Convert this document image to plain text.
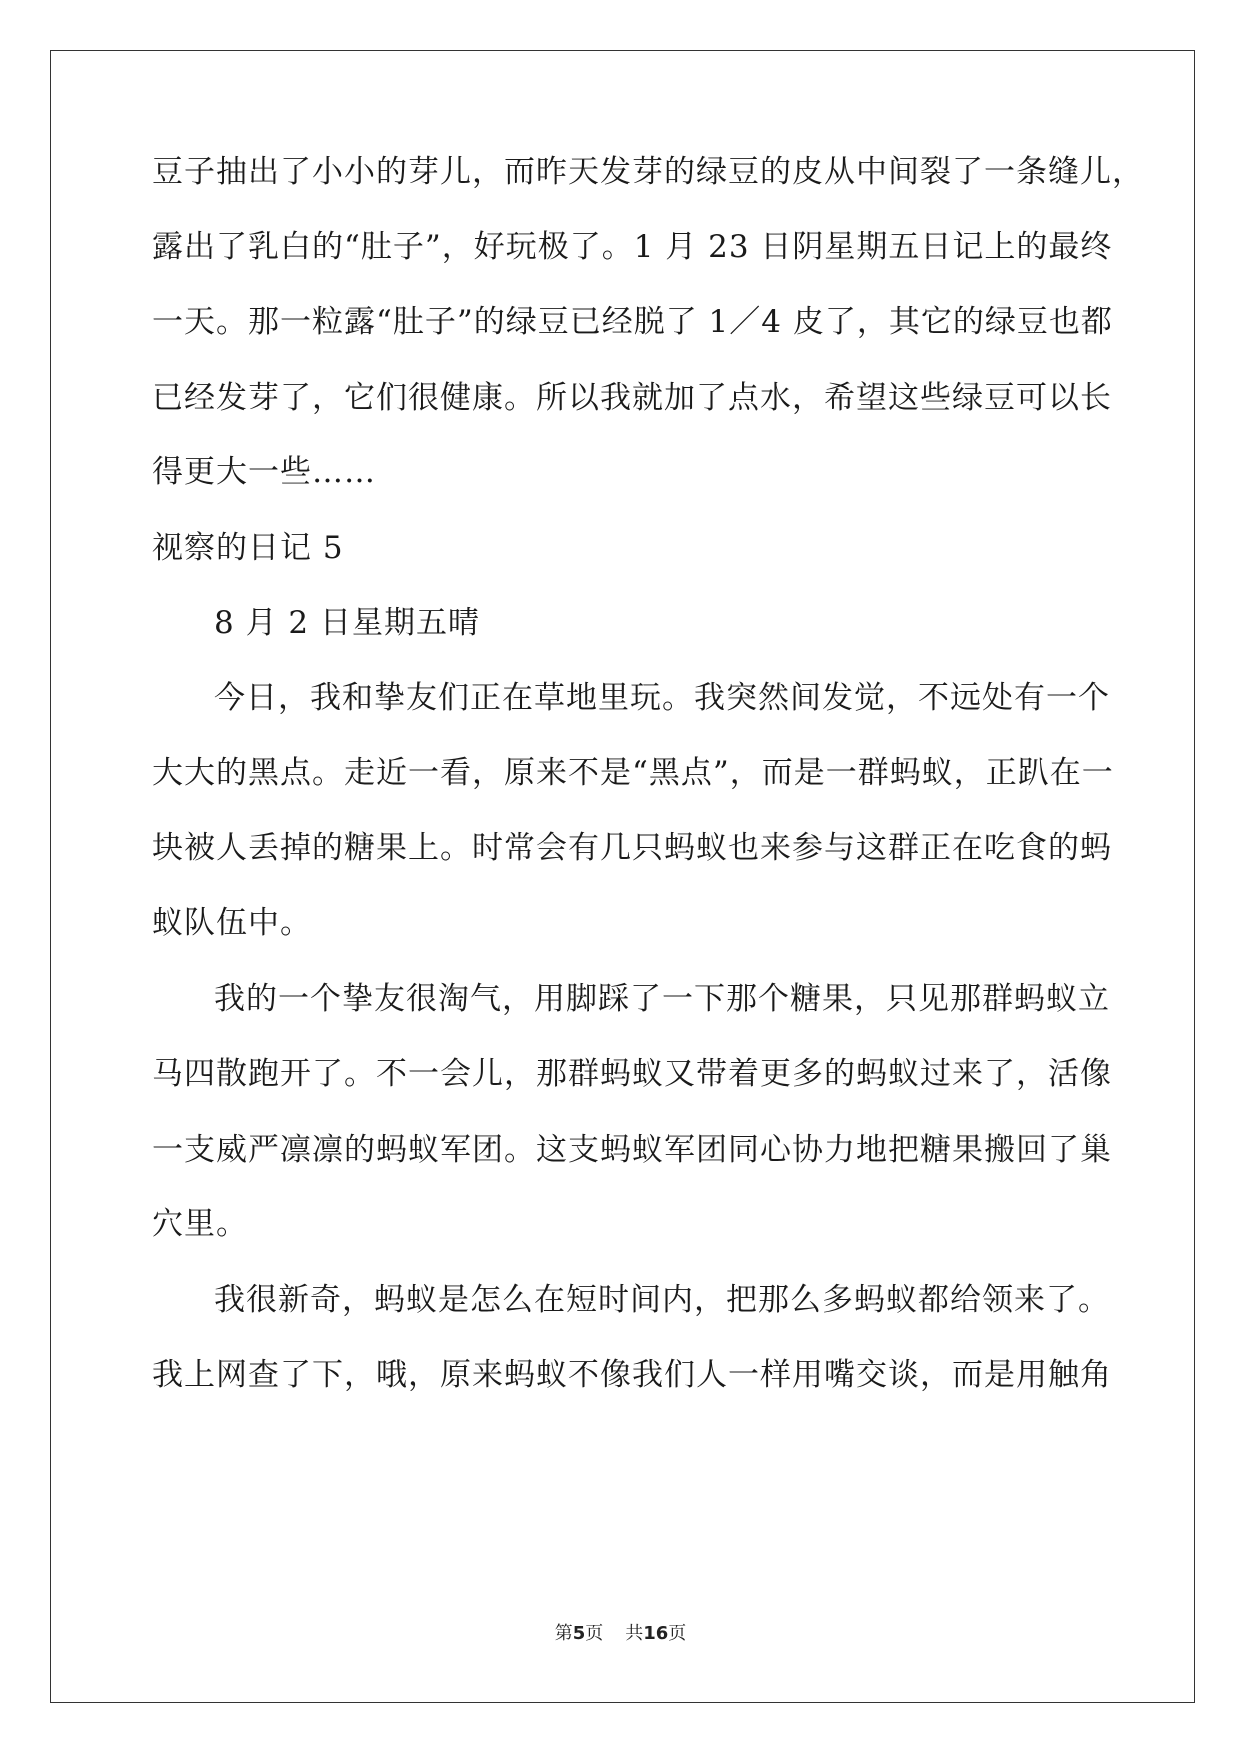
豆子抽出了小小的芽儿，而昨天发芽的绿豆的皮从中间裂了一条缝儿，
露出了乳白的“肚子”，好玩极了。1 月 23 日阴星期五日记上的最终
一天。那一粒露“肚子”的绿豆已经脱了 1／4 皮了，其它的绿豆也都
已经发芽了，它们很健康。所以我就加了点水，希望这些绿豆可以长
得更大一些……
视察的日记 5
8 月 2 日星期五晴
今日，我和挚友们正在草地里玩。我突然间发觉，不远处有一个
大大的黑点。走近一看，原来不是“黑点”，而是一群蚂蚁，正趴在一
块被人丢掉的糖果上。时常会有几只蚂蚁也来参与这群正在吃食的蚂
蚁队伍中。
我的一个挚友很淘气，用脚踩了一下那个糖果，只见那群蚂蚁立
马四散跑开了。不一会儿，那群蚂蚁又带着更多的蚂蚁过来了，活像
一支威严凛凛的蚂蚁军团。这支蚂蚁军团同心协力地把糖果搬回了巢
穴里。
我很新奇，蚂蚁是怎么在短时间内，把那么多蚂蚁都给领来了。
我上网查了下，哦，原来蚂蚁不像我们人一样用嘴交谈，而是用触角
第5页 共16页
